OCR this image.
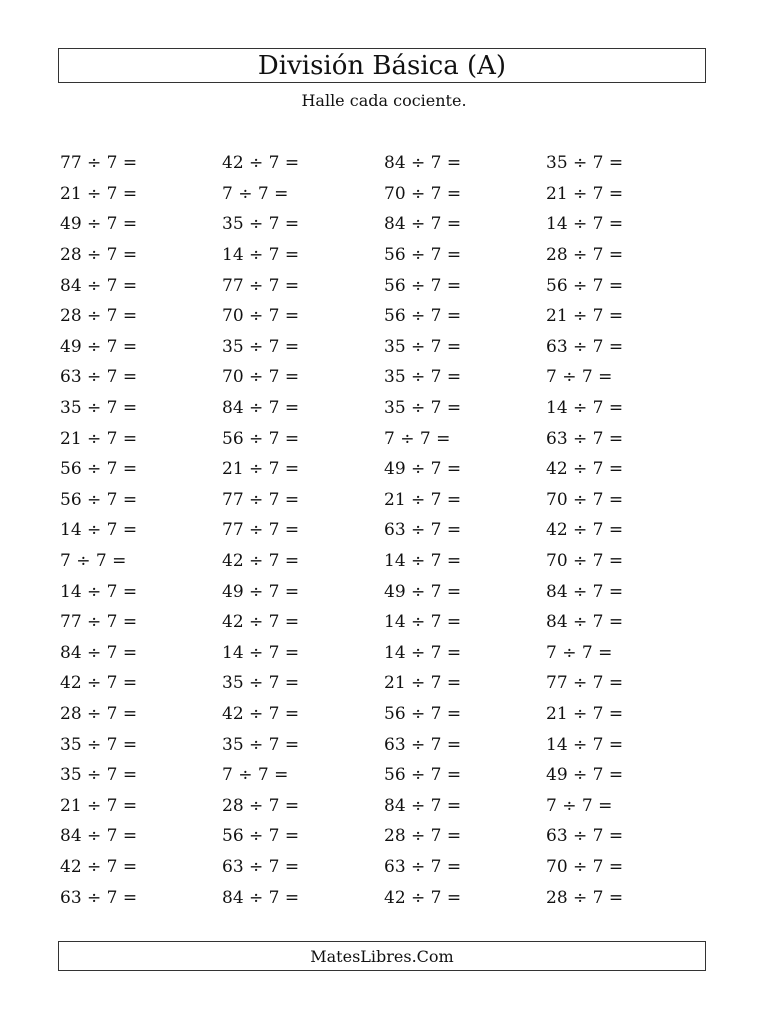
División Básica (A)
Halle cada cociente.
77 ÷ 7 =	42 ÷ 7 =	84 ÷ 7 =	35 ÷ 7 =
21 ÷ 7 =	7 ÷ 7 =	70 ÷ 7 =	21 ÷ 7 =
49 ÷ 7 =	35 ÷ 7 =	84 ÷ 7 =	14 ÷ 7 =
28 ÷ 7 =	14 ÷ 7 =	56 ÷ 7 =	28 ÷ 7 =
84 ÷ 7 =	77 ÷ 7 =	56 ÷ 7 =	56 ÷ 7 =
28 ÷ 7 =	70 ÷ 7 =	56 ÷ 7 =	21 ÷ 7 =
49 ÷ 7 =	35 ÷ 7 =	35 ÷ 7 =	63 ÷ 7 =
63 ÷ 7 =	70 ÷ 7 =	35 ÷ 7 =	7 ÷ 7 =
35 ÷ 7 =	84 ÷ 7 =	35 ÷ 7 =	14 ÷ 7 =
21 ÷ 7 =	56 ÷ 7 =	7 ÷ 7 =	63 ÷ 7 =
56 ÷ 7 =	21 ÷ 7 =	49 ÷ 7 =	42 ÷ 7 =
56 ÷ 7 =	77 ÷ 7 =	21 ÷ 7 =	70 ÷ 7 =
14 ÷ 7 =	77 ÷ 7 =	63 ÷ 7 =	42 ÷ 7 =
7 ÷ 7 =	42 ÷ 7 =	14 ÷ 7 =	70 ÷ 7 =
14 ÷ 7 =	49 ÷ 7 =	49 ÷ 7 =	84 ÷ 7 =
77 ÷ 7 =	42 ÷ 7 =	14 ÷ 7 =	84 ÷ 7 =
84 ÷ 7 =	14 ÷ 7 =	14 ÷ 7 =	7 ÷ 7 =
42 ÷ 7 =	35 ÷ 7 =	21 ÷ 7 =	77 ÷ 7 =
28 ÷ 7 =	42 ÷ 7 =	56 ÷ 7 =	21 ÷ 7 =
35 ÷ 7 =	35 ÷ 7 =	63 ÷ 7 =	14 ÷ 7 =
35 ÷ 7 =	7 ÷ 7 =	56 ÷ 7 =	49 ÷ 7 =
21 ÷ 7 =	28 ÷ 7 =	84 ÷ 7 =	7 ÷ 7 =
84 ÷ 7 =	56 ÷ 7 =	28 ÷ 7 =	63 ÷ 7 =
42 ÷ 7 =	63 ÷ 7 =	63 ÷ 7 =	70 ÷ 7 =
63 ÷ 7 =	84 ÷ 7 =	42 ÷ 7 =	28 ÷ 7 =
MatesLibres.Com
